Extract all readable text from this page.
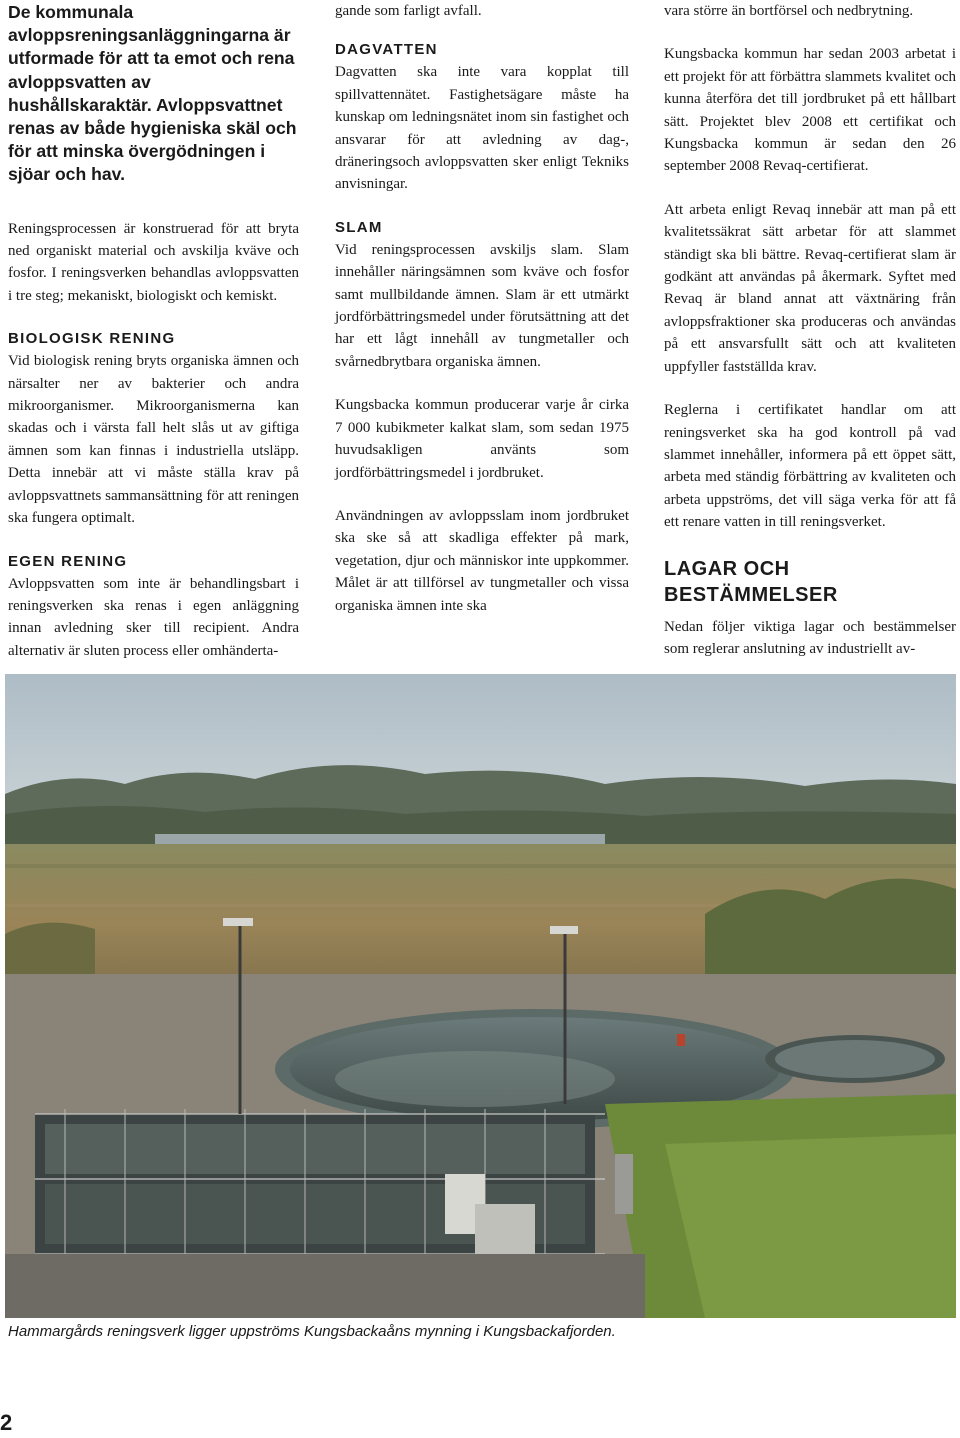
De kommunala avloppsreningsanläggningarna är utformade för att ta emot och rena avloppsvatten av hushållskaraktär. Avloppsvattnet renas av både hygieniska skäl och för att minska övergödningen i sjöar och hav.

Reningsprocessen är konstruerad för att bryta ned organiskt material och avskilja kväve och fosfor. I reningsverken behandlas avloppsvatten i tre steg; mekaniskt, biologiskt och kemiskt.

BIOLOGISK RENING

Vid biologisk rening bryts organiska ämnen och närsalter ner av bakterier och andra mikroorganismer. Mikroorganismerna kan skadas och i värsta fall helt slås ut av giftiga ämnen som kan finnas i industriella utsläpp. Detta innebär att vi måste ställa krav på avloppsvattnets sammansättning för att reningen ska fungera optimalt.

EGEN RENING

Avloppsvatten som inte är behandlingsbart i reningsverken ska renas i egen anläggning innan avledning sker till recipient. Andra alternativ är sluten process eller omhänderta-

gande som farligt avfall.

DAGVATTEN

Dagvatten ska inte vara kopplat till spillvattennätet. Fastighetsägare måste ha kunskap om ledningsnätet inom sin fastighet och ansvarar för att avledning av dag-, dräneringsoch avloppsvatten sker enligt Tekniks anvisningar.

SLAM

Vid reningsprocessen avskiljs slam. Slam innehåller näringsämnen som kväve och fosfor samt mullbildande ämnen. Slam är ett utmärkt jordförbättringsmedel under förutsättning att det har ett lågt innehåll av tungmetaller och svårnedbrytbara organiska ämnen.

Kungsbacka kommun producerar varje år cirka 7 000 kubikmeter kalkat slam, som sedan 1975 huvudsakligen använts som jordförbättringsmedel i jordbruket.

Användningen av avloppsslam inom jordbruket ska ske så att skadliga effekter på mark, vegetation, djur och människor inte uppkommer. Målet är att tillförsel av tungmetaller och vissa organiska ämnen inte ska

vara större än bortförsel och nedbrytning.

Kungsbacka kommun har sedan 2003 arbetat i ett projekt för att förbättra slammets kvalitet och kunna återföra det till jordbruket på ett hållbart sätt. Projektet blev 2008 ett certifikat och Kungsbacka kommun är sedan den 26 september 2008 Revaq-certifierat.

Att arbeta enligt Revaq innebär att man på ett kvalitetssäkrat sätt arbetar för att slammet ständigt ska bli bättre. Revaq-certifierat slam är godkänt att användas på åkermark. Syftet med Revaq är bland annat att växtnäring från avloppsfraktioner ska produceras och användas på ett ansvarsfullt sätt och att kvaliteten uppfyller fastställda krav.

Reglerna i certifikatet handlar om att reningsverket ska ha god kontroll på vad slammet innehåller, informera på ett öppet sätt, arbeta med ständig förbättring av kvaliteten och arbeta uppströms, det vill säga verka för att få ett renare vatten in till reningsverket.

LAGAR OCH BESTÄMMELSER

Nedan följer viktiga lagar och bestämmelser som reglerar anslutning av industriellt av-

Hammargårds reningsverk ligger uppströms Kungsbackaåns mynning i Kungsbackafjorden.
2
